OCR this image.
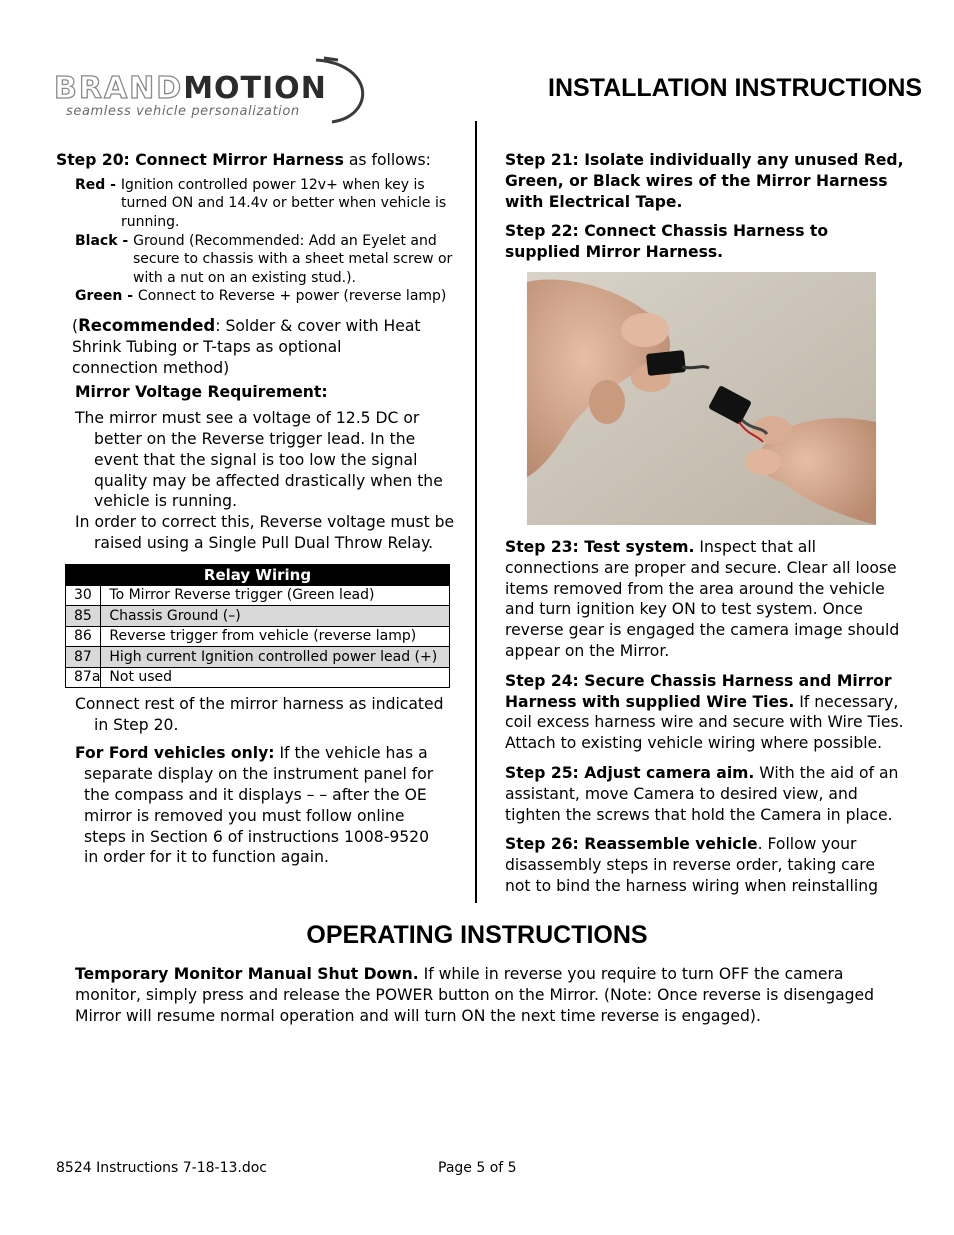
BRANDMOTION
seamless vehicle personalization
INSTALLATION INSTRUCTIONS

Step 20: Connect Mirror Harness as follows:

Red - Ignition controlled power 12v+ when key is turned ON and 14.4v or better when vehicle is running.

Black - Ground (Recommended: Add an Eyelet and secure to chassis with a sheet metal screw or with a nut on an existing stud.).

Green - Connect to Reverse + power (reverse lamp)

(Recommended: Solder & cover with Heat Shrink Tubing or T-taps as optional connection method)

Mirror Voltage Requirement:

The mirror must see a voltage of 12.5 DC or better on the Reverse trigger lead. In the event that the signal is too low the signal quality may be affected drastically when the vehicle is running.

In order to correct this, Reverse voltage must be raised using a Single Pull Dual Throw Relay.

Relay Wiring	
30	To Mirror Reverse trigger (Green lead)
85	Chassis Ground (–)
86	Reverse trigger from vehicle (reverse lamp)
87	High current Ignition controlled power lead (+)
87a	Not used

Connect rest of the mirror harness as indicated in Step 20.

For Ford vehicles only: If the vehicle has a separate display on the instrument panel for the compass and it displays – – after the OE mirror is removed you must follow online steps in Section 6 of instructions 1008-9520 in order for it to function again.

Step 21: Isolate individually any unused Red, Green, or Black wires of the Mirror Harness with Electrical Tape.

Step 22: Connect Chassis Harness to supplied Mirror Harness.

Step 23: Test system. Inspect that all connections are proper and secure. Clear all loose items removed from the area around the vehicle and turn ignition key ON to test system. Once reverse gear is engaged the camera image should appear on the Mirror.

Step 24: Secure Chassis Harness and Mirror Harness with supplied Wire Ties. If necessary, coil excess harness wire and secure with Wire Ties. Attach to existing vehicle wiring where possible.

Step 25: Adjust camera aim. With the aid of an assistant, move Camera to desired view, and tighten the screws that hold the Camera in place.

Step 26: Reassemble vehicle. Follow your disassembly steps in reverse order, taking care not to bind the harness wiring when reinstalling

OPERATING INSTRUCTIONS
Temporary Monitor Manual Shut Down. If while in reverse you require to turn OFF the camera monitor, simply press and release the POWER button on the Mirror. (Note: Once reverse is disengaged Mirror will resume normal operation and will turn ON the next time reverse is engaged).
8524 Instructions 7-18-13.doc	Page 5 of 5
